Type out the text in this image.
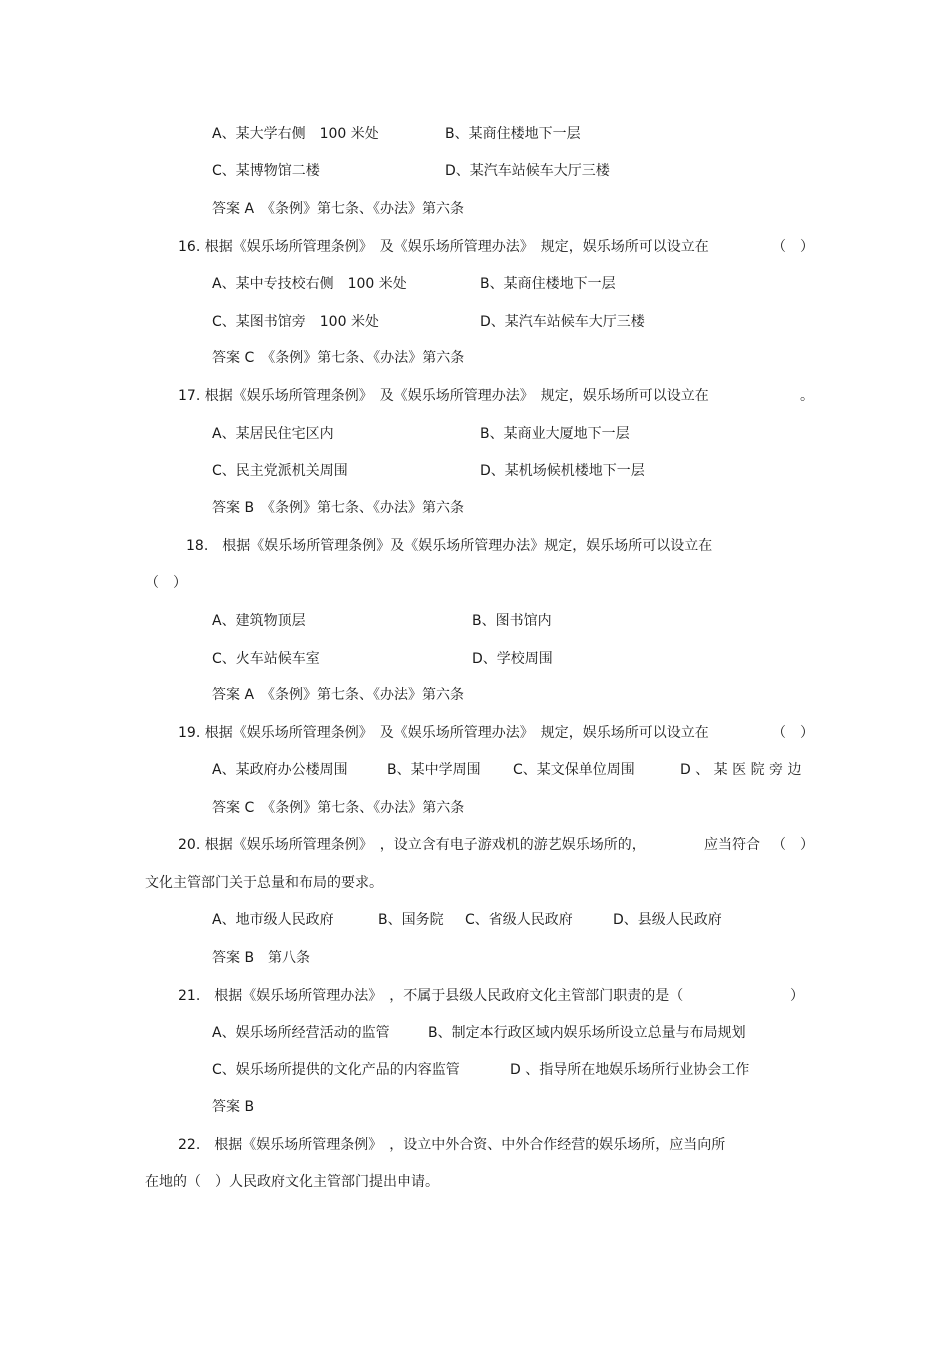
A、某大学右侧　100 米处	B、某商住楼地下一层
C、某博物馆二楼	D、某汽车站候车大厅三楼
答案 A　《条例》第七条、《办法》第六条
16. 根据《娱乐场所管理条例》　及《娱乐场所管理办法》　规定，娱乐场所可以设立在	（　）
A、某中专技校右侧　100 米处	B、某商住楼地下一层
C、某图书馆旁　100 米处	D、某汽车站候车大厅三楼
答案 C　《条例》第七条、《办法》第六条
17. 根据《娱乐场所管理条例》　及《娱乐场所管理办法》　规定，娱乐场所可以设立在	。
A、某居民住宅区内	B、某商业大厦地下一层
C、民主党派机关周围	D、某机场候机楼地下一层
答案 B　《条例》第七条、《办法》第六条
18.　根据《娱乐场所管理条例》及《娱乐场所管理办法》规定，娱乐场所可以设立在
（　）
A、建筑物顶层	B、图书馆内
C、火车站候车室	D、学校周围
答案 A　《条例》第七条、《办法》第六条
19. 根据《娱乐场所管理条例》　及《娱乐场所管理办法》　规定，娱乐场所可以设立在	（　）
A、某政府办公楼周围	B、某中学周围 C、某文保单位周围	D 、 某 医 院 旁 边
答案 C　《条例》第七条、《办法》第六条
20. 根据《娱乐场所管理条例》　，设立含有电子游戏机的游艺娱乐场所的，	应当符合 （　）
文化主管部门关于总量和布局的要求。
A、地市级人民政府	B、国务院 C、省级人民政府	D、县级人民政府
答案 B　第八条
21.　根据《娱乐场所管理办法》　，不属于县级人民政府文化主管部门职责的是（	）
A、娱乐场所经营活动的监管	B、制定本行政区域内娱乐场所设立总量与布局规划
C、娱乐场所提供的文化产品的内容监管	D 、指导所在地娱乐场所行业协会工作
答案 B
22.　根据《娱乐场所管理条例》　，设立中外合资、中外合作经营的娱乐场所，应当向所
在地的（　）人民政府文化主管部门提出申请。
